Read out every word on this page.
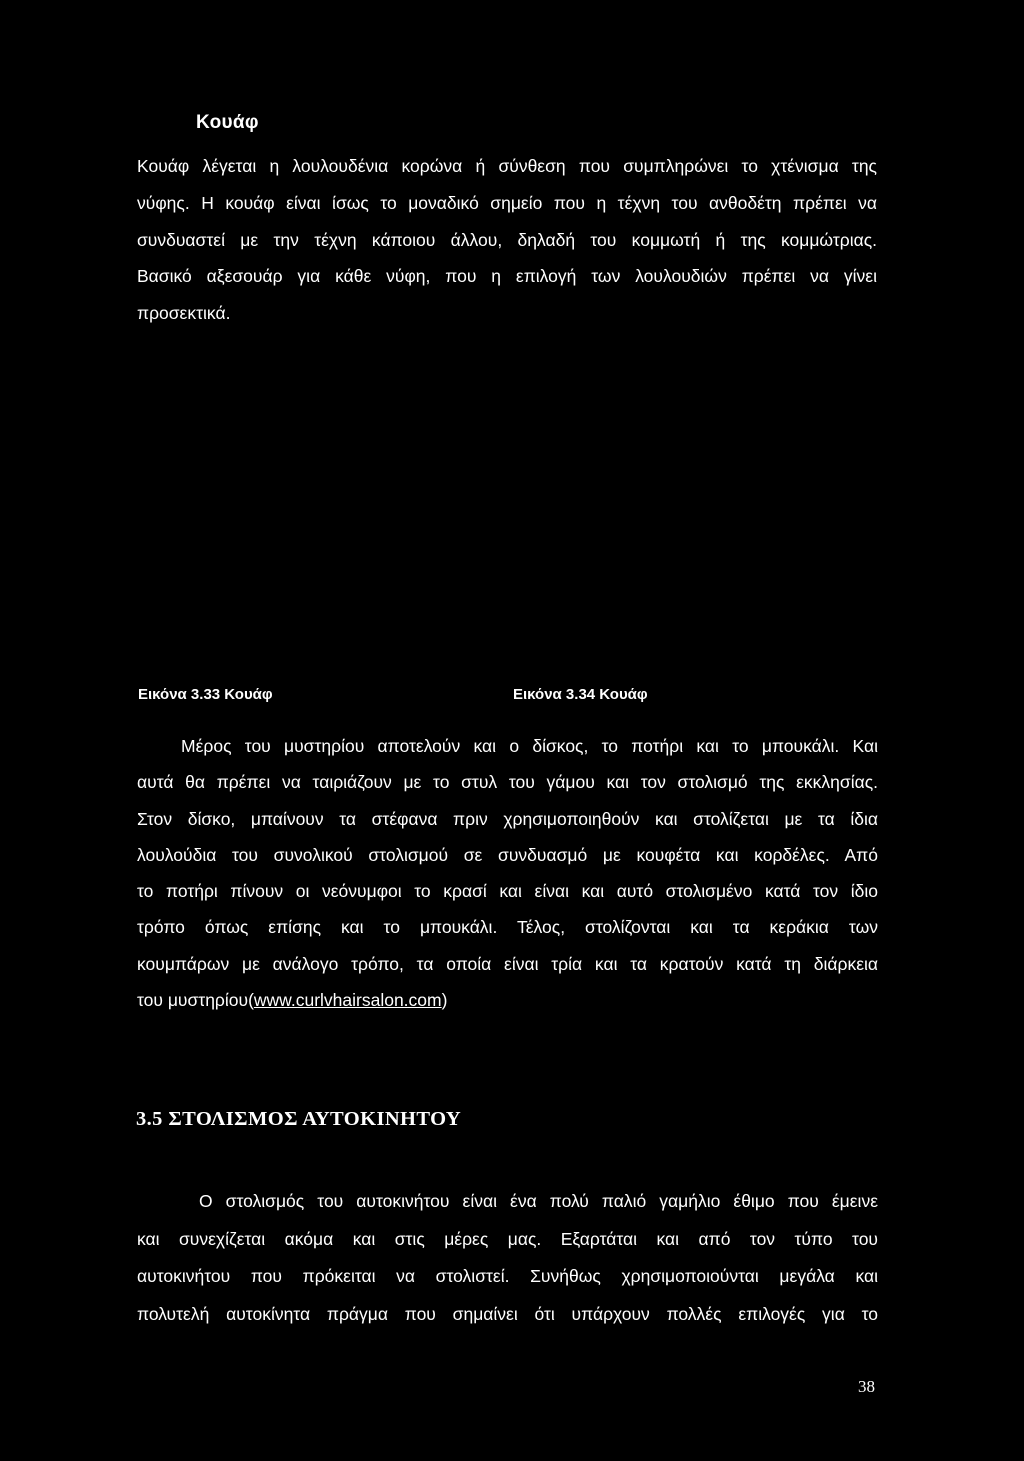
Κουάφ
Κουάφ λέγεται η λουλουδένια κορώνα ή σύνθεση που συμπληρώνει το χτένισμα της
νύφης. Η κουάφ είναι ίσως το μοναδικό σημείο που η τέχνη του ανθοδέτη πρέπει να
συνδυαστεί με την τέχνη κάποιου άλλου, δηλαδή του κομμωτή ή της κομμώτριας.
Βασικό αξεσουάρ για κάθε νύφη, που η επιλογή των λουλουδιών πρέπει να γίνει
προσεκτικά.
Εικόνα 3.33 Κουάφ	Εικόνα 3.34 Κουάφ
Μέρος του μυστηρίου αποτελούν και ο δίσκος, το ποτήρι και το μπουκάλι. Και
αυτά θα πρέπει να ταιριάζουν με το στυλ του γάμου και τον στολισμό της εκκλησίας.
Στον δίσκο, μπαίνουν τα στέφανα πριν χρησιμοποιηθούν και στολίζεται με τα ίδια
λουλούδια του συνολικού στολισμού σε συνδυασμό με κουφέτα και κορδέλες. Από
το ποτήρι πίνουν οι νεόνυμφοι το κρασί και είναι και αυτό στολισμένο κατά τον ίδιο
τρόπο όπως επίσης και το μπουκάλι. Τέλος, στολίζονται και τα κεράκια των
κουμπάρων με ανάλογο τρόπο, τα οποία είναι τρία και τα κρατούν κατά τη διάρκεια
του μυστηρίου(www.curlvhairsalon.com)
3.5 ΣΤΟΛΙΣΜΟΣ ΑΥΤΟΚΙΝΗΤΟΥ
Ο στολισμός του αυτοκινήτου είναι ένα πολύ παλιό γαμήλιο έθιμο που έμεινε
και συνεχίζεται ακόμα και στις μέρες μας. Εξαρτάται και από τον τύπο του
αυτοκινήτου που πρόκειται να στολιστεί. Συνήθως χρησιμοποιούνται μεγάλα και
πολυτελή αυτοκίνητα πράγμα που σημαίνει ότι υπάρχουν πολλές επιλογές για το
38
